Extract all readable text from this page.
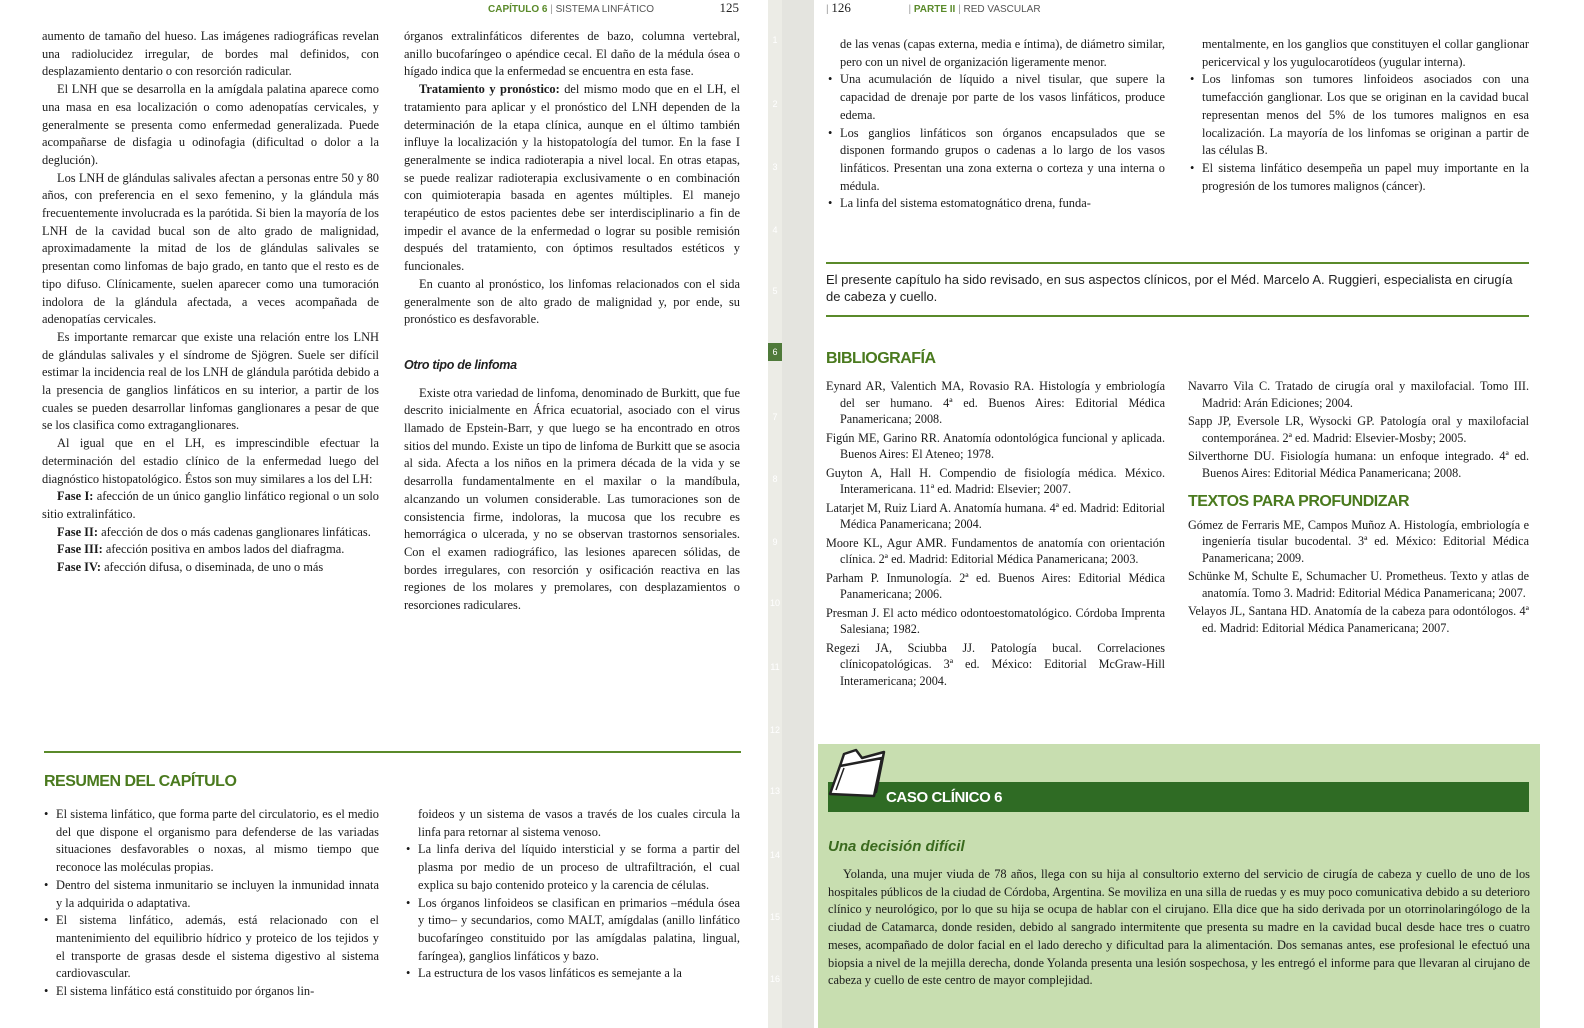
CAPÍTULO 6 | SISTEMA LINFÁTICO	125

aumento de tamaño del hueso. Las imágenes radiográficas revelan una radiolucidez irregular, de bordes mal definidos, con desplazamiento dentario o con resorción radicular.

El LNH que se desarrolla en la amígdala palatina aparece como una masa en esa localización o como adenopatías cervicales, y generalmente se presenta como enfermedad generalizada. Puede acompañarse de disfagia u odinofagia (dificultad o dolor a la deglución).

Los LNH de glándulas salivales afectan a personas entre 50 y 80 años, con preferencia en el sexo femenino, y la glándula más frecuentemente involucrada es la parótida. Si bien la mayoría de los LNH de la cavidad bucal son de alto grado de malignidad, aproximadamente la mitad de los de glándulas salivales se presentan como linfomas de bajo grado, en tanto que el resto es de tipo difuso. Clínicamente, suelen aparecer como una tumoración indolora de la glándula afectada, a veces acompañada de adenopatías cervicales.

Es importante remarcar que existe una relación entre los LNH de glándulas salivales y el síndrome de Sjögren. Suele ser difícil estimar la incidencia real de los LNH de glándula parótida debido a la presencia de ganglios linfáticos en su interior, a partir de los cuales se pueden desarrollar linfomas ganglionares a pesar de que se los clasifica como extraganglionares.

Al igual que en el LH, es imprescindible efectuar la determinación del estadio clínico de la enfermedad luego del diagnóstico histopatológico. Éstos son muy similares a los del LH:

Fase I: afección de un único ganglio linfático regional o un solo sitio extralinfático.

Fase II: afección de dos o más cadenas ganglionares linfáticas.

Fase III: afección positiva en ambos lados del diafragma.

Fase IV: afección difusa, o diseminada, de uno o más

órganos extralinfáticos diferentes de bazo, columna vertebral, anillo bucofaríngeo o apéndice cecal. El daño de la médula ósea o hígado indica que la enfermedad se encuentra en esta fase.

Tratamiento y pronóstico: del mismo modo que en el LH, el tratamiento para aplicar y el pronóstico del LNH dependen de la determinación de la etapa clínica, aunque en el último también influye la localización y la histopatología del tumor. En la fase I generalmente se indica radioterapia a nivel local. En otras etapas, se puede realizar radioterapia exclusivamente o en combinación con quimioterapia basada en agentes múltiples. El manejo terapéutico de estos pacientes debe ser interdisciplinario a fin de impedir el avance de la enfermedad o lograr su posible remisión después del tratamiento, con óptimos resultados estéticos y funcionales.

En cuanto al pronóstico, los linfomas relacionados con el sida generalmente son de alto grado de malignidad y, por ende, su pronóstico es desfavorable.

Otro tipo de linfoma

Existe otra variedad de linfoma, denominado de Burkitt, que fue descrito inicialmente en África ecuatorial, asociado con el virus llamado de Epstein-Barr, y que luego se ha encontrado en otros sitios del mundo. Existe un tipo de linfoma de Burkitt que se asocia al sida. Afecta a los niños en la primera década de la vida y se desarrolla fundamentalmente en el maxilar o la mandíbula, alcanzando un volumen considerable. Las tumoraciones son de consistencia firme, indoloras, la mucosa que los recubre es hemorrágica o ulcerada, y no se observan trastornos sensoriales. Con el examen radiográfico, las lesiones aparecen sólidas, de bordes irregulares, con resorción y osificación reactiva en las regiones de los molares y premolares, con desplazamientos o resorciones radiculares.

RESUMEN DEL CAPÍTULO
• El sistema linfático, que forma parte del circulatorio, es el medio del que dispone el organismo para defenderse de las variadas situaciones desfavorables o noxas, al mismo tiempo que reconoce las moléculas propias.
• Dentro del sistema inmunitario se incluyen la inmunidad innata y la adquirida o adaptativa.
• El sistema linfático, además, está relacionado con el mantenimiento del equilibrio hídrico y proteico de los tejidos y el transporte de grasas desde el sistema digestivo al sistema cardiovascular.
• El sistema linfático está constituido por órganos lin-
foideos y un sistema de vasos a través de los cuales circula la linfa para retornar al sistema venoso.
• La linfa deriva del líquido intersticial y se forma a partir del plasma por medio de un proceso de ultrafiltración, el cual explica su bajo contenido proteico y la carencia de células.
• Los órganos linfoideos se clasifican en primarios –médula ósea y timo– y secundarios, como MALT, amígdalas (anillo linfático bucofaríngeo constituido por las amígdalas palatina, lingual, faríngea), ganglios linfáticos y bazo.
• La estructura de los vasos linfáticos es semejante a la
1
2
3
4
5
6
7
8
9
10
11
12
13
14
15
16
| 126	| PARTE II | RED VASCULAR
de las venas (capas externa, media e íntima), de diámetro similar, pero con un nivel de organización ligeramente menor.
• Una acumulación de líquido a nivel tisular, que supere la capacidad de drenaje por parte de los vasos linfáticos, produce edema.
• Los ganglios linfáticos son órganos encapsulados que se disponen formando grupos o cadenas a lo largo de los vasos linfáticos. Presentan una zona externa o corteza y una interna o médula.
• La linfa del sistema estomatognático drena, funda-
mentalmente, en los ganglios que constituyen el collar ganglionar pericervical y los yugulocarotídeos (yugular interna).
• Los linfomas son tumores linfoideos asociados con una tumefacción ganglionar. Los que se originan en la cavidad bucal representan menos del 5% de los tumores malignos en esa localización. La mayoría de los linfomas se originan a partir de las células B.
• El sistema linfático desempeña un papel muy importante en la progresión de los tumores malignos (cáncer).
El presente capítulo ha sido revisado, en sus aspectos clínicos, por el Méd. Marcelo A. Ruggieri, especialista en cirugía de cabeza y cuello.
BIBLIOGRAFÍA

Eynard AR, Valentich MA, Rovasio RA. Histología y embriología del ser humano. 4ª ed. Buenos Aires: Editorial Médica Panamericana; 2008.

Figún ME, Garino RR. Anatomía odontológica funcional y aplicada. Buenos Aires: El Ateneo; 1978.

Guyton A, Hall H. Compendio de fisiología médica. México. Interamericana. 11ª ed. Madrid: Elsevier; 2007.

Latarjet M, Ruiz Liard A. Anatomía humana. 4ª ed. Madrid: Editorial Médica Panamericana; 2004.

Moore KL, Agur AMR. Fundamentos de anatomía con orientación clínica. 2ª ed. Madrid: Editorial Médica Panamericana; 2003.

Parham P. Inmunología. 2ª ed. Buenos Aires: Editorial Médica Panamericana; 2006.

Presman J. El acto médico odontoestomatológico. Córdoba Imprenta Salesiana; 1982.

Regezi JA, Sciubba JJ. Patología bucal. Correlaciones clínicopatológicas. 3ª ed. México: Editorial McGraw-Hill Interamericana; 2004.

Navarro Vila C. Tratado de cirugía oral y maxilofacial. Tomo III. Madrid: Arán Ediciones; 2004.

Sapp JP, Eversole LR, Wysocki GP. Patología oral y maxilofacial contemporánea. 2ª ed. Madrid: Elsevier-Mosby; 2005.

Silverthorne DU. Fisiología humana: un enfoque integrado. 4ª ed. Buenos Aires: Editorial Médica Panamericana; 2008.

TEXTOS PARA PROFUNDIZAR

Gómez de Ferraris ME, Campos Muñoz A. Histología, embriología e ingeniería tisular bucodental. 3ª ed. México: Editorial Médica Panamericana; 2009.

Schünke M, Schulte E, Schumacher U. Prometheus. Texto y atlas de anatomía. Tomo 3. Madrid: Editorial Médica Panamericana; 2007.

Velayos JL, Santana HD. Anatomía de la cabeza para odontólogos. 4ª ed. Madrid: Editorial Médica Panamericana; 2007.

CASO CLÍNICO 6
Una decisión difícil

Yolanda, una mujer viuda de 78 años, llega con su hija al consultorio externo del servicio de cirugía de cabeza y cuello de uno de los hospitales públicos de la ciudad de Córdoba, Argentina. Se moviliza en una silla de ruedas y es muy poco comunicativa debido a su deterioro clínico y neurológico, por lo que su hija se ocupa de hablar con el cirujano. Ella dice que ha sido derivada por un otorrinolaringólogo de la ciudad de Catamarca, donde residen, debido al sangrado intermitente que presenta su madre en la cavidad bucal desde hace tres o cuatro meses, acompañado de dolor facial en el lado derecho y dificultad para la alimentación. Dos semanas antes, ese profesional le efectuó una biopsia a nivel de la mejilla derecha, donde Yolanda presenta una lesión sospechosa, y les entregó el informe para que llevaran al cirujano de cabeza y cuello de este centro de mayor complejidad.
